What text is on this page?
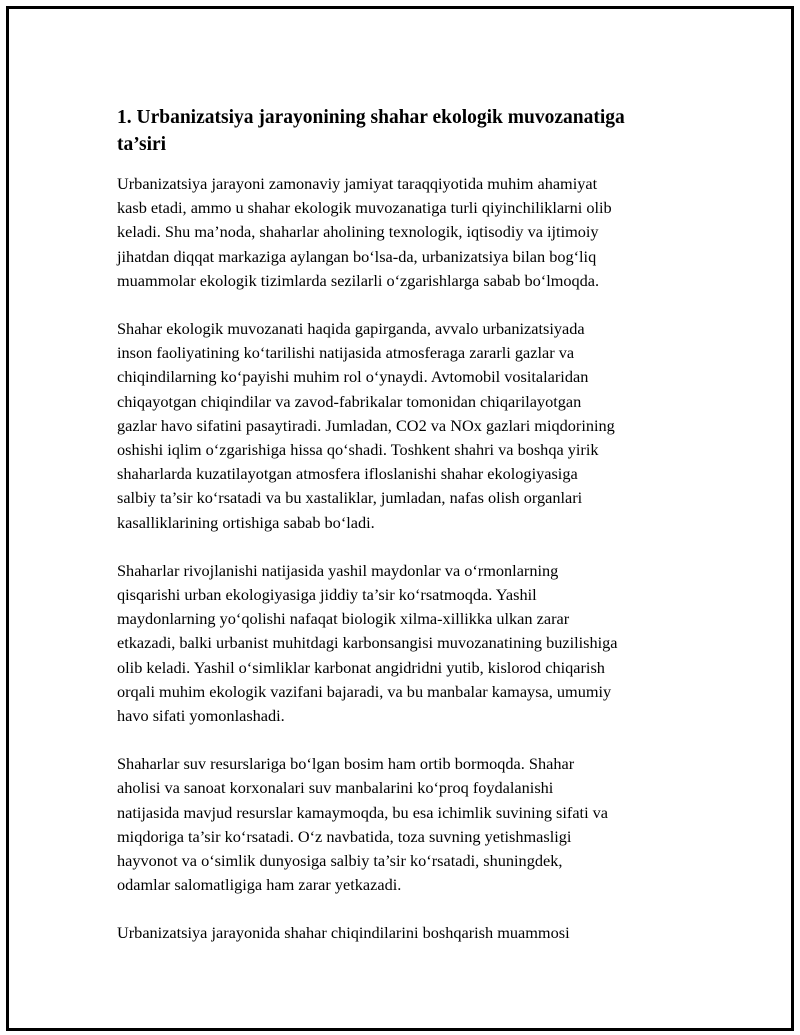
1. Urbanizatsiya jarayonining shahar ekologik muvozanatiga
ta’siri

Urbanizatsiya jarayoni zamonaviy jamiyat taraqqiyotida muhim ahamiyat
kasb etadi, ammo u shahar ekologik muvozanatiga turli qiyinchiliklarni olib
keladi. Shu ma’noda, shaharlar aholining texnologik, iqtisodiy va ijtimoiy
jihatdan diqqat markaziga aylangan bo‘lsa-da, urbanizatsiya bilan bog‘liq
muammolar ekologik tizimlarda sezilarli o‘zgarishlarga sabab bo‘lmoqda.

Shahar ekologik muvozanati haqida gapirganda, avvalo urbanizatsiyada
inson faoliyatining ko‘tarilishi natijasida atmosferaga zararli gazlar va
chiqindilarning ko‘payishi muhim rol o‘ynaydi. Avtomobil vositalaridan
chiqayotgan chiqindilar va zavod-fabrikalar tomonidan chiqarilayotgan
gazlar havo sifatini pasaytiradi. Jumladan, CO2 va NOx gazlari miqdorining
oshishi iqlim o‘zgarishiga hissa qo‘shadi. Toshkent shahri va boshqa yirik
shaharlarda kuzatilayotgan atmosfera ifloslanishi shahar ekologiyasiga
salbiy ta’sir ko‘rsatadi va bu xastaliklar, jumladan, nafas olish organlari
kasalliklarining ortishiga sabab bo‘ladi.

Shaharlar rivojlanishi natijasida yashil maydonlar va o‘rmonlarning
qisqarishi urban ekologiyasiga jiddiy ta’sir ko‘rsatmoqda. Yashil
maydonlarning yo‘qolishi nafaqat biologik xilma-xillikka ulkan zarar
etkazadi, balki urbanist muhitdagi karbonsangisi muvozanatining buzilishiga
olib keladi. Yashil o‘simliklar karbonat angidridni yutib, kislorod chiqarish
orqali muhim ekologik vazifani bajaradi, va bu manbalar kamaysa, umumiy
havo sifati yomonlashadi.

Shaharlar suv resurslariga bo‘lgan bosim ham ortib bormoqda. Shahar
aholisi va sanoat korxonalari suv manbalarini ko‘proq foydalanishi
natijasida mavjud resurslar kamaymoqda, bu esa ichimlik suvining sifati va
miqdoriga ta’sir ko‘rsatadi. O‘z navbatida, toza suvning yetishmasligi
hayvonot va o‘simlik dunyosiga salbiy ta’sir ko‘rsatadi, shuningdek,
odamlar salomatligiga ham zarar yetkazadi.

Urbanizatsiya jarayonida shahar chiqindilarini boshqarish muammosi
